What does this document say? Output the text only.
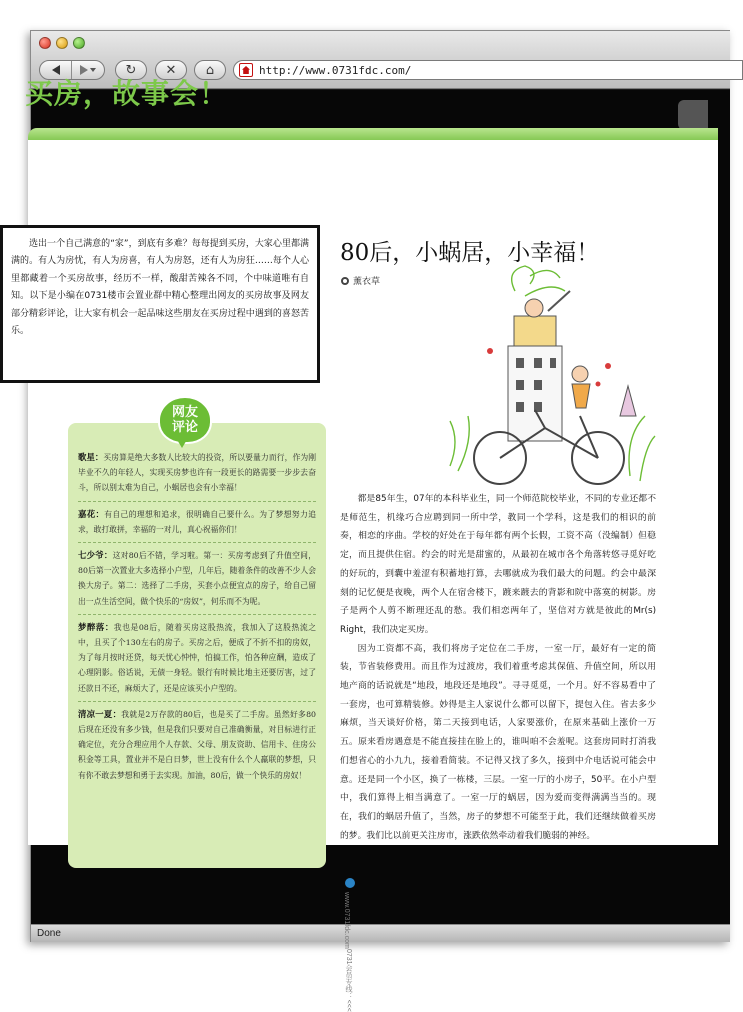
↻ ✕ ⌂	http://www.0731fdc.com/
Done
买房，故事会！

选出一个自己满意的“家”，到底有多难？每每提到买房，大家心里都满满的。有人为房忧，有人为房喜，有人为房怒，还有人为房狂……每个人心里都藏着一个买房故事，经历不一样，酸甜苦辣各不同，个中味道唯有自知。以下是小编在0731楼市会置业群中精心整理出网友的买房故事及网友部分精彩评论，让大家有机会一起品味这些朋友在买房过程中遇到的喜怒苦乐。

歌星：买房算是绝大多数人比较大的投资，所以要量力而行，作为刚毕业不久的年轻人，实现买房梦也许有一段更长的路需要一步步去奋斗，所以别太难为自己，小蜗居也会有小幸福！

嘉花：有自己的理想和追求，很明确自己要什么。为了梦想努力追求，敢打敢拼，幸福的一对儿，真心祝福你们！

七少爷：这对80后不错，学习啦。第一：买房考虑到了升值空间，80后第一次置业大多选择小户型，几年后，随着条件的改善不少人会换大房子。第二：选择了二手房，买套小点便宜点的房子，给自己留出一点生活空间，做个快乐的“房奴”，何乐而不为呢。

梦醉落：我也是08后，随着买房这股热流，我加入了这股热流之中，且买了个130左右的房子。买房之后，便成了不折不扣的房奴，为了每月按时还贷，每天忧心忡忡，怕搞工作，怕各种应酬，造成了心理阴影。俗话说，无债一身轻。银行有时候比地主还要厉害，过了还款日不还，麻烦大了，还是应该买小户型的。

清凉一夏：我就是2万存款的80后，也是买了二手房。虽然好多80后现在还没有多少钱，但是我们只要对自己准确衡量，对目标进行正确定位，充分合理应用个人存款、父母、朋友资助、信用卡、住房公积金等工具，置业并不是白日梦，世上没有什么个人羸联的梦想，只有你不敢去梦想和勇于去实现。加油，80后，做一个快乐的房奴！

网友
评论
80后，小蜗居，小幸福！
薰衣草

都是85年生，07年的本科毕业生，同一个师范院校毕业，不同的专业还都不是师范生，机缘巧合应聘到同一所中学，教同一个学科，这是我们的相识的前奏，相恋的序曲。学校的好处在于每年都有两个长假，工资不高（没编制）但稳定，而且提供住宿。约会的时光是甜蜜的，从最初在城市各个角落转悠寻觅好吃的好玩的，到囊中羞涩有积蓄地打算，去哪就成为我们最大的问题。约会中最深刻的记忆便是夜晚，两个人在宿舍楼下，踱来踱去的背影和院中落寞的树影。房子是两个人剪不断理还乱的愁。我们相恋两年了，坚信对方就是彼此的Mr(s) Right，我们决定买房。

因为工资都不高，我们将房子定位在二手房，一室一厅，最好有一定的简装，节省装修费用。而且作为过渡房，我们着重考虑其保值、升值空间，所以用地产商的话说就是“地段，地段还是地段”。寻寻觅觅，一个月。好不容易看中了一套房，也可算精装修。妙得是主人家说什么都可以留下，提包入住。省去多少麻烦，当天谈好价格，第二天接到电话，人家要涨价，在原来基础上涨价一万五。原来看房遇意是不能直接挂在脸上的，谁叫咱不会羞呢。这套房同时打消我们想省心的小九九，接着看简装。不记得又找了多久，接到中介电话说可能会中意。还是同一个小区，换了一栋楼，三层。一室一厅的小房子，50平。在小户型中，我们算得上相当满意了。一室一厅的蜗居，因为爱而变得满满当当的。现在，我们的蜗居升值了，当然，房子的梦想不可能至于此，我们还继续做着买房的梦。我们比以前更关注房市，涨跌依然牵动着我们脆弱的神经。

www.0731fdc.com
0731会员专线：<<<
